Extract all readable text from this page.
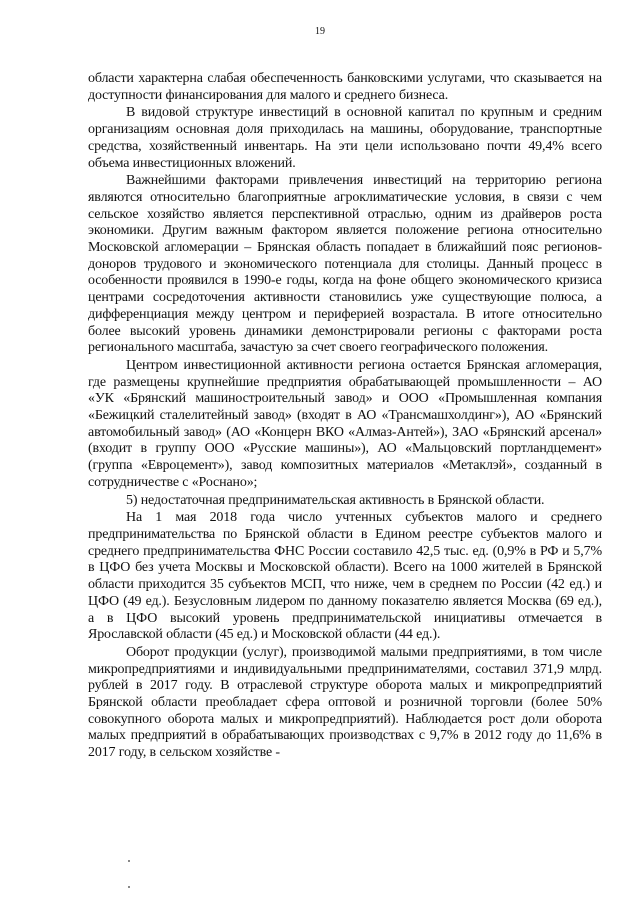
19

области характерна слабая обеспеченность банковскими услугами, что сказывается на доступности финансирования для малого и среднего бизнеса.

В видовой структуре инвестиций в основной капитал по крупным и средним организациям основная доля приходилась на машины, оборудование, транспортные средства, хозяйственный инвентарь. На эти цели использовано почти 49,4% всего объема инвестиционных вложений.

Важнейшими факторами привлечения инвестиций на территорию региона являются относительно благоприятные агроклиматические условия, в связи с чем сельское хозяйство является перспективной отраслью, одним из драйверов роста экономики. Другим важным фактором является положение региона относительно Московской агломерации – Брянская область попадает в ближайший пояс регионов-доноров трудового и экономического потенциала для столицы. Данный процесс в особенности проявился в 1990-е годы, когда на фоне общего экономического кризиса центрами сосредоточения активности становились уже существующие полюса, а дифференциация между центром и периферией возрастала. В итоге относительно более высокий уровень динамики демонстрировали регионы с факторами роста регионального масштаба, зачастую за счет своего географического положения.

Центром инвестиционной активности региона остается Брянская агломерация, где размещены крупнейшие предприятия обрабатывающей промышленности – АО «УК «Брянский машиностроительный завод» и ООО «Промышленная компания «Бежицкий сталелитейный завод» (входят в АО «Трансмашхолдинг»), АО «Брянский автомобильный завод» (АО «Концерн ВКО «Алмаз-Антей»), ЗАО «Брянский арсенал» (входит в группу ООО «Русские машины»), АО «Мальцовский портландцемент» (группа «Евроцемент»), завод композитных материалов «Метаклэй», созданный в сотрудничестве с «Роснано»;

5) недостаточная предпринимательская активность в Брянской области.

На 1 мая 2018 года число учтенных субъектов малого и среднего предпринимательства по Брянской области в Едином реестре субъектов малого и среднего предпринимательства ФНС России составило 42,5 тыс. ед. (0,9% в РФ и 5,7% в ЦФО без учета Москвы и Московской области). Всего на 1000 жителей в Брянской области приходится 35 субъектов МСП, что ниже, чем в среднем по России (42 ед.) и ЦФО (49 ед.). Безусловным лидером по данному показателю является Москва (69 ед.), а в ЦФО высокий уровень предпринимательской инициативы отмечается в Ярославской области (45 ед.) и Московской области (44 ед.).

Оборот продукции (услуг), производимой малыми предприятиями, в том числе микропредприятиями и индивидуальными предпринимателями, составил 371,9 млрд. рублей в 2017 году. В отраслевой структуре оборота малых и микропредприятий Брянской области преобладает сфера оптовой и розничной торговли (более 50% совокупного оборота малых и микропредприятий). Наблюдается рост доли оборота малых предприятий в обрабатывающих производствах с 9,7% в 2012 году до 11,6% в 2017 году, в сельском хозяйстве -
